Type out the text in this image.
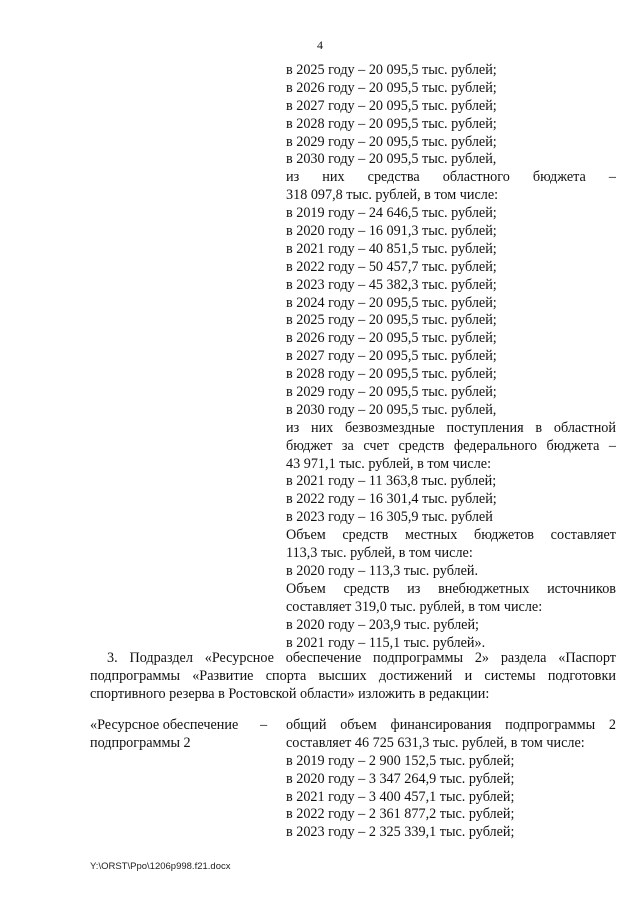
4
в 2025 году – 20 095,5 тыс. рублей;
в 2026 году – 20 095,5 тыс. рублей;
в 2027 году – 20 095,5 тыс. рублей;
в 2028 году – 20 095,5 тыс. рублей;
в 2029 году – 20 095,5 тыс. рублей;
в 2030 году – 20 095,5 тыс. рублей,
из них средства областного бюджета –
318 097,8 тыс. рублей, в том числе:
в 2019 году – 24 646,5 тыс. рублей;
в 2020 году – 16 091,3 тыс. рублей;
в 2021 году – 40 851,5 тыс. рублей;
в 2022 году – 50 457,7 тыс. рублей;
в 2023 году – 45 382,3 тыс. рублей;
в 2024 году – 20 095,5 тыс. рублей;
в 2025 году – 20 095,5 тыс. рублей;
в 2026 году – 20 095,5 тыс. рублей;
в 2027 году – 20 095,5 тыс. рублей;
в 2028 году – 20 095,5 тыс. рублей;
в 2029 году – 20 095,5 тыс. рублей;
в 2030 году – 20 095,5 тыс. рублей,
из них безвозмездные поступления в областной
бюджет за счет средств федерального бюджета –
43 971,1 тыс. рублей, в том числе:
в 2021 году – 11 363,8 тыс. рублей;
в 2022 году – 16 301,4 тыс. рублей;
в 2023 году – 16 305,9 тыс. рублей
Объем средств местных бюджетов составляет
113,3 тыс. рублей, в том числе:
в 2020 году – 113,3 тыс. рублей.
Объем средств из внебюджетных источников
составляет 319,0 тыс. рублей, в том числе:
в 2020 году – 203,9 тыс. рублей;
в 2021 году – 115,1 тыс. рублей».
3. Подраздел «Ресурсное обеспечение подпрограммы 2» раздела «Паспорт
подпрограммы «Развитие спорта высших достижений и системы подготовки
спортивного резерва в Ростовской области» изложить в редакции:
«Ресурсное обеспечение –
подпрограммы 2
общий объем финансирования подпрограммы 2
составляет 46 725 631,3 тыс. рублей, в том числе:
в 2019 году – 2 900 152,5 тыс. рублей;
в 2020 году – 3 347 264,9 тыс. рублей;
в 2021 году – 3 400 457,1 тыс. рублей;
в 2022 году – 2 361 877,2 тыс. рублей;
в 2023 году – 2 325 339,1 тыс. рублей;
Y:\ORST\Ppo\1206p998.f21.docx
